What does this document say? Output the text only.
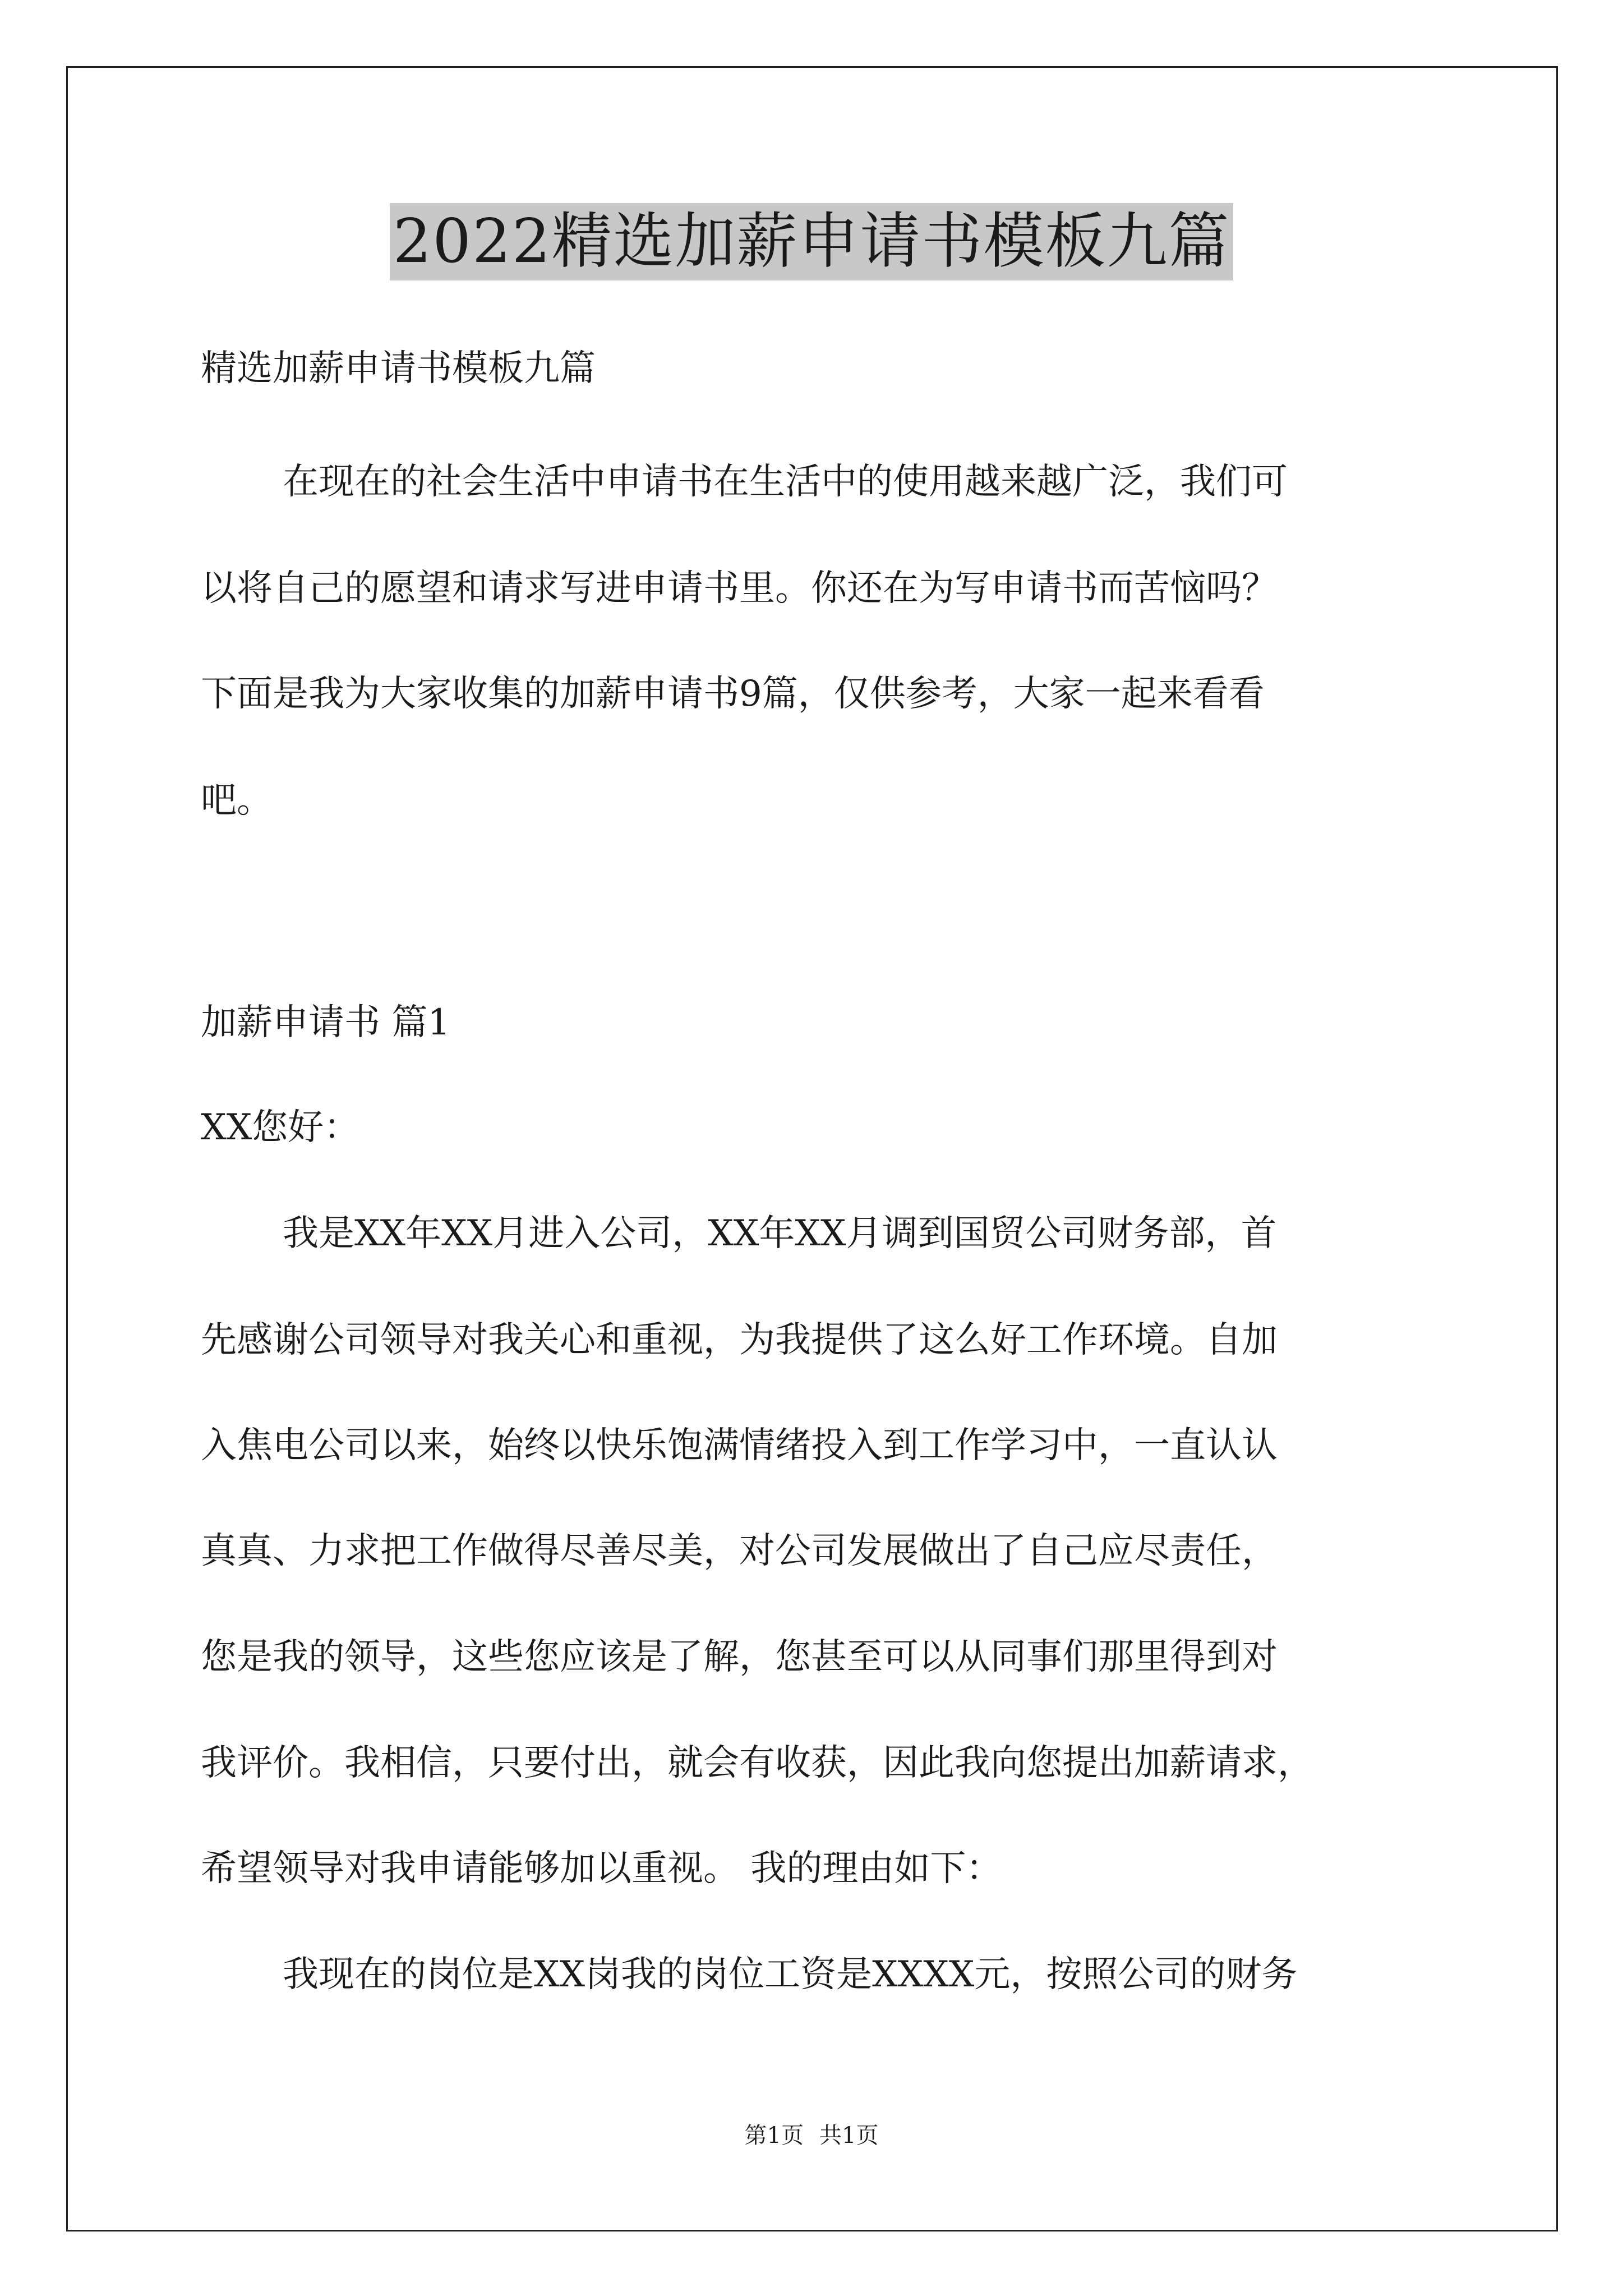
2022精选加薪申请书模板九篇
精选加薪申请书模板九篇
在现在的社会生活中申请书在生活中的使用越来越广泛，我们可
以将自己的愿望和请求写进申请书里。你还在为写申请书而苦恼吗？
下面是我为大家收集的加薪申请书9篇，仅供参考，大家一起来看看
吧。
加薪申请书 篇1
XX您好：
我是XX年XX月进入公司，XX年XX月调到国贸公司财务部，首
先感谢公司领导对我关心和重视，为我提供了这么好工作环境。自加
入焦电公司以来，始终以快乐饱满情绪投入到工作学习中，一直认认
真真、力求把工作做得尽善尽美，对公司发展做出了自己应尽责任，
您是我的领导，这些您应该是了解，您甚至可以从同事们那里得到对
我评价。我相信，只要付出，就会有收获，因此我向您提出加薪请求，
希望领导对我申请能够加以重视。 我的理由如下：
我现在的岗位是XX岗我的岗位工资是XXXX元，按照公司的财务
第1页 共1页
